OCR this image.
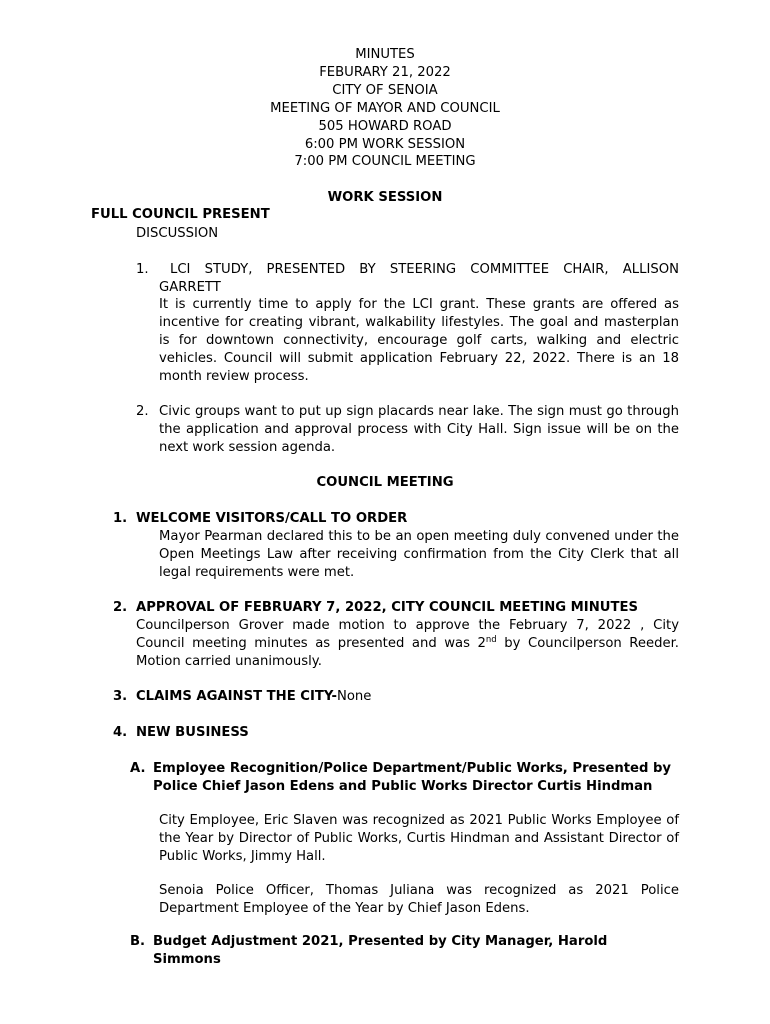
MINUTES
FEBURARY 21, 2022
CITY OF SENOIA
MEETING OF MAYOR AND COUNCIL
505 HOWARD ROAD
6:00 PM WORK SESSION
7:00 PM COUNCIL MEETING
WORK SESSION
FULL COUNCIL PRESENT
DISCUSSION
1. LCI STUDY, PRESENTED BY STEERING COMMITTEE CHAIR, ALLISON
GARRETT
It is currently time to apply for the LCI grant. These grants are offered as incentive for creating vibrant, walkability lifestyles. The goal and masterplan is for downtown connectivity, encourage golf carts, walking and electric vehicles. Council will submit application February 22, 2022. There is an 18 month review process.
2. Civic groups want to put up sign placards near lake. The sign must go through the application and approval process with City Hall. Sign issue will be on the next work session agenda.
COUNCIL MEETING
1. WELCOME VISITORS/CALL TO ORDER
Mayor Pearman declared this to be an open meeting duly convened under the Open Meetings Law after receiving confirmation from the City Clerk that all legal requirements were met.
2. APPROVAL OF FEBRUARY 7, 2022, CITY COUNCIL MEETING MINUTES
Councilperson Grover made motion to approve the February 7, 2022 , City Council meeting minutes as presented and was 2nd by Councilperson Reeder. Motion carried unanimously.
3. CLAIMS AGAINST THE CITY-None
4. NEW BUSINESS
A. Employee Recognition/Police Department/Public Works, Presented by Police Chief Jason Edens and Public Works Director Curtis Hindman
City Employee, Eric Slaven was recognized as 2021 Public Works Employee of the Year by Director of Public Works, Curtis Hindman and Assistant Director of Public Works, Jimmy Hall.
Senoia Police Officer, Thomas Juliana was recognized as 2021 Police Department Employee of the Year by Chief Jason Edens.
B. Budget Adjustment 2021, Presented by City Manager, Harold Simmons
